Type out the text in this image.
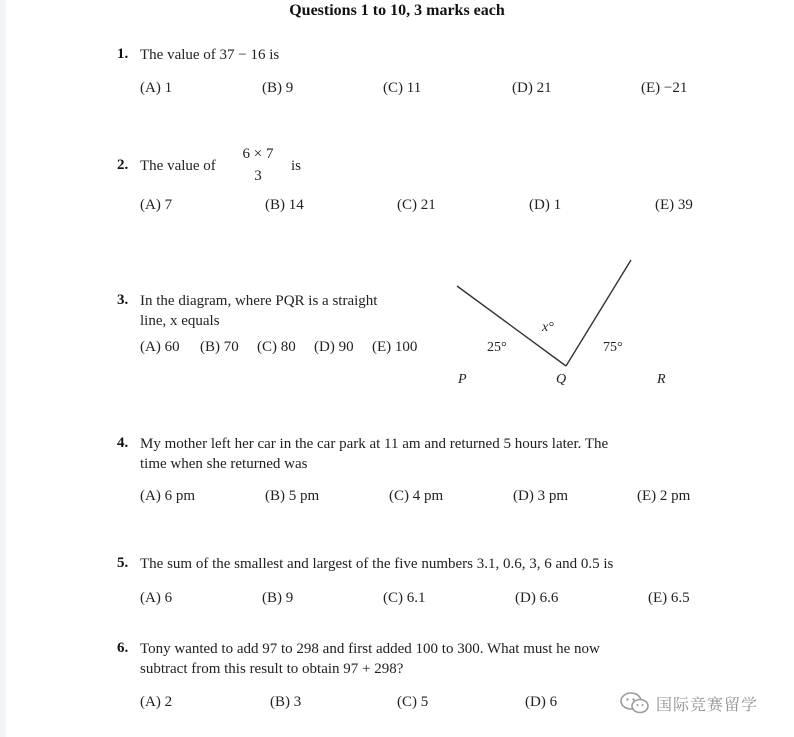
Questions 1 to 10, 3 marks each
1. The value of 37 − 16 is
(A) 1	(B) 9	(C) 11	(D) 21	(E) −21
2. The value of
6 × 7
3
is
(A) 7	(B) 14	(C) 21	(D) 1	(E) 39
3. In the diagram, where PQR is a straight
line, x equals
(A) 60 (B) 70 (C) 80 (D) 90 (E) 100	25°
x°
75°
P	Q	R
4. My mother left her car in the car park at 11 am and returned 5 hours later. The
time when she returned was
(A) 6 pm	(B) 5 pm	(C) 4 pm	(D) 3 pm	(E) 2 pm
5. The sum of the smallest and largest of the five numbers 3.1, 0.6, 3, 6 and 0.5 is
(A) 6	(B) 9	(C) 6.1	(D) 6.6	(E) 6.5
6. Tony wanted to add 97 to 298 and first added 100 to 300. What must he now
subtract from this result to obtain 97 + 298?
(A) 2	(B) 3	(C) 5	(D) 6	国际竞赛留学
